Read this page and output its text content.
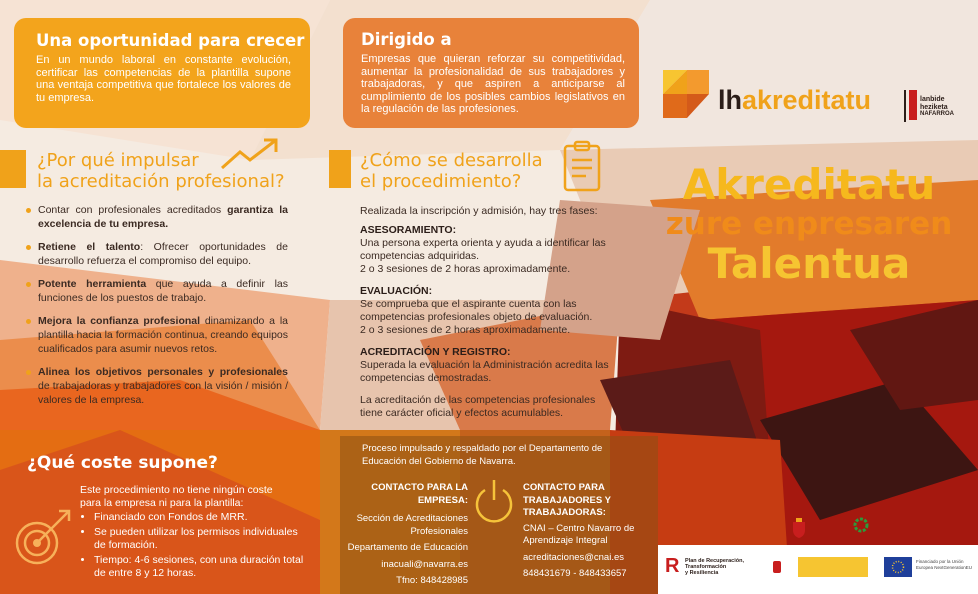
Una oportunidad para crecer
En un mundo laboral en constante evolución, certificar las competencias de la plantilla supone una ventaja competitiva que fortalece los valores de tu empresa.
Dirigido a
Empresas que quieran reforzar su competitividad, aumentar la profesionalidad de sus trabajadores y trabajadoras, y que aspiren a anticiparse al cumplimiento de los posibles cambios legislativos en la regulación de las profesiones.
¿Por qué impulsar
la acreditación profesional?
Contar con profesionales acreditados garantiza la excelencia de tu empresa.
Retiene el talento: Ofrecer oportunidades de desarrollo refuerza el compromiso del equipo.
Potente herramienta que ayuda a definir las funciones de los puestos de trabajo.
Mejora la confianza profesional dinamizando a la plantilla hacia la formación continua, creando equipos cualificados para asumir nuevos retos.
Alinea los objetivos personales y profesionales de trabajadoras y trabajadores con la visión / misión / valores de la empresa.
¿Cómo se desarrolla
el procedimiento?
Realizada la inscripción y admisión, hay tres fases:
ASESORAMIENTO:
Una persona experta orienta y ayuda a identificar las competencias adquiridas.
2 o 3 sesiones de 2 horas aproximadamente.
EVALUACIÓN:
Se comprueba que el aspirante cuenta con las competencias profesionales objeto de evaluación.
2 o 3 sesiones de 2 horas aproximadamente.
ACREDITACIÓN Y REGISTRO:
Superada la evaluación la Administración acredita las competencias demostradas.
La acreditación de las competencias profesionales tiene carácter oficial y efectos acumulables.
¿Qué coste supone?
Este procedimiento no tiene ningún coste para la empresa ni para la plantilla:
• Financiado con Fondos de MRR.
• Se pueden utilizar los permisos individuales de formación.
• Tiempo: 4-6 sesiones, con una duración total de entre 8 y 12 horas.
Proceso impulsado y respaldado por el Departamento de Educación del Gobierno de Navarra.
CONTACTO PARA LA EMPRESA:
Sección de Acreditaciones Profesionales
Departamento de Educación
inacuali@navarra.es
Tfno: 848428985
CONTACTO PARA TRABAJADORES Y TRABAJADORAS:
CNAI – Centro Navarro de Aprendizaje Integral
acreditaciones@cnai.es
848431679 - 848433657
lhakreditatu	lanbide
heziketa
NAFARROA
Akreditatu
zure enpresaren
Talentua
R Plan de Recuperación,
Transformación
y Resiliencia
Financiado por la Unión Europea NextGenerationEU
